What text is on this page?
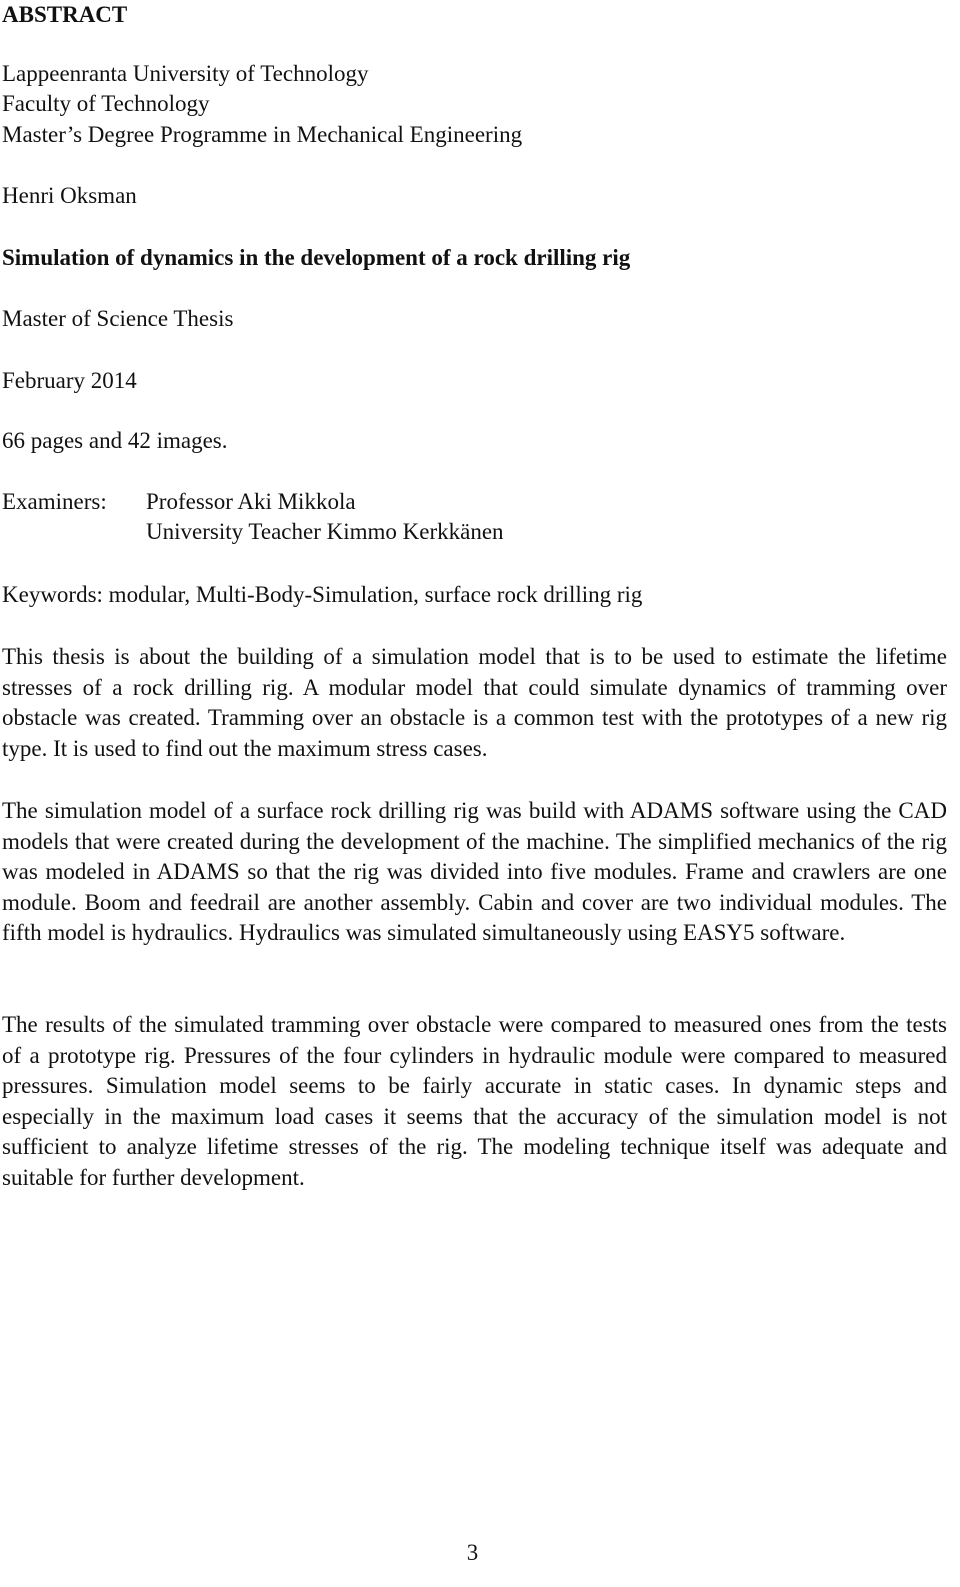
ABSTRACT
Lappeenranta University of Technology
Faculty of Technology
Master’s Degree Programme in Mechanical Engineering
Henri Oksman
Simulation of dynamics in the development of a rock drilling rig
Master of Science Thesis
February 2014
66 pages and 42 images.
Examiners: Professor Aki Mikkola
University Teacher Kimmo Kerkkänen
Keywords: modular, Multi-Body-Simulation, surface rock drilling rig

This thesis is about the building of a simulation model that is to be used to estimate the lifetime stresses of a rock drilling rig. A modular model that could simulate dynamics of tramming over obstacle was created. Tramming over an obstacle is a common test with the prototypes of a new rig type. It is used to find out the maximum stress cases.

The simulation model of a surface rock drilling rig was build with ADAMS software using the CAD models that were created during the development of the machine. The simplified mechanics of the rig was modeled in ADAMS so that the rig was divided into five modules. Frame and crawlers are one module. Boom and feedrail are another assembly. Cabin and cover are two individual modules. The fifth model is hydraulics. Hydraulics was simulated simultaneously using EASY5 software.

The results of the simulated tramming over obstacle were compared to measured ones from the tests of a prototype rig. Pressures of the four cylinders in hydraulic module were compared to measured pressures. Simulation model seems to be fairly accurate in static cases. In dynamic steps and especially in the maximum load cases it seems that the accuracy of the simulation model is not sufficient to analyze lifetime stresses of the rig. The modeling technique itself was adequate and suitable for further development.

3
